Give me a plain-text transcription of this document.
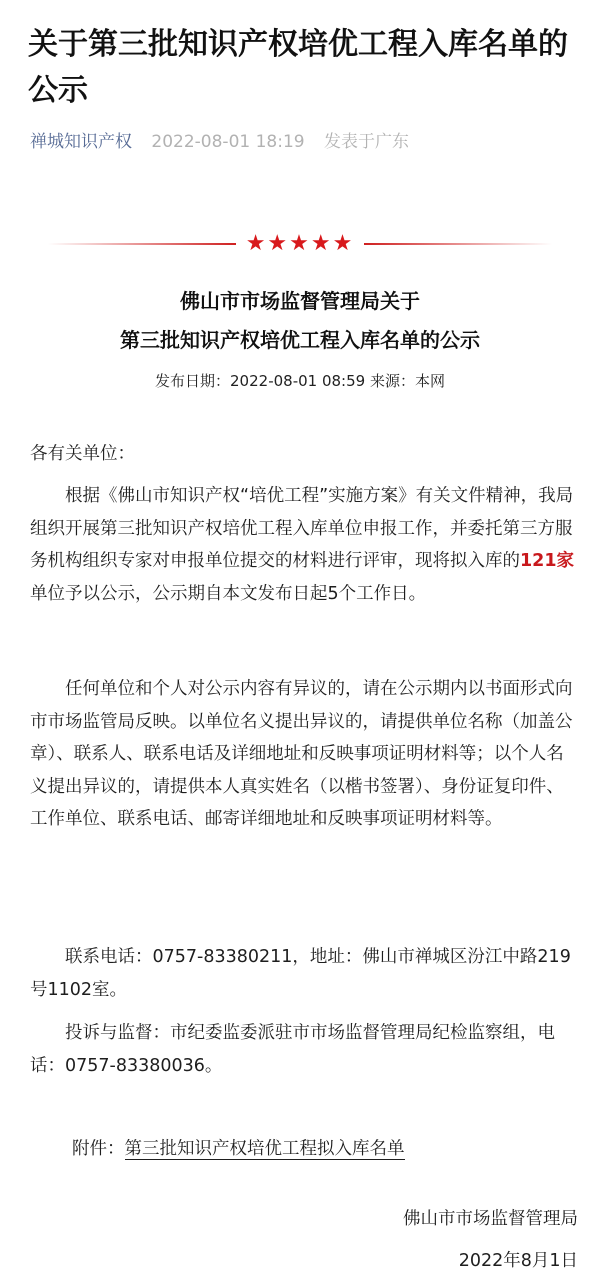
关于第三批知识产权培优工程入库名单的公示
禅城知识产权 2022-08-01 18:19 发表于广东
★★★★★
佛山市市场监督管理局关于
第三批知识产权培优工程入库名单的公示
发布日期：2022-08-01 08:59 来源：本网

各有关单位：

根据《佛山市知识产权“培优工程”实施方案》有关文件精神，我局组织开展第三批知识产权培优工程入库单位申报工作，并委托第三方服务机构组织专家对申报单位提交的材料进行评审，现将拟入库的121家单位予以公示，公示期自本文发布日起5个工作日。

任何单位和个人对公示内容有异议的，请在公示期内以书面形式向市市场监管局反映。以单位名义提出异议的，请提供单位名称（加盖公章）、联系人、联系电话及详细地址和反映事项证明材料等；以个人名义提出异议的，请提供本人真实姓名（以楷书签署）、身份证复印件、工作单位、联系电话、邮寄详细地址和反映事项证明材料等。

联系电话：0757-83380211，地址：佛山市禅城区汾江中路219号1102室。

投诉与监督：市纪委监委派驻市市场监督管理局纪检监察组，电话：0757-83380036。

附件：第三批知识产权培优工程拟入库名单
佛山市市场监督管理局
2022年8月1日
